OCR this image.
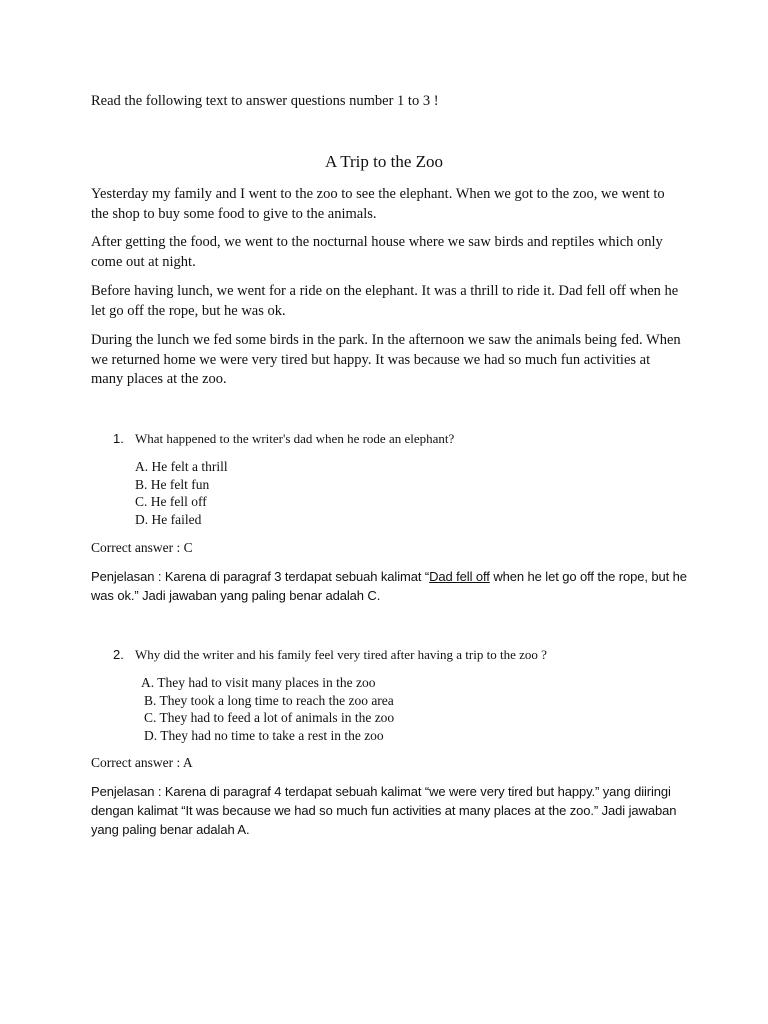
Read the following text to answer questions number 1 to 3 !

A Trip to the Zoo

Yesterday my family and I went to the zoo to see the elephant. When we got to the zoo, we went to the shop to buy some food to give to the animals.

After getting the food, we went to the nocturnal house where we saw birds and reptiles which only come out at night.

Before having lunch, we went for a ride on the elephant. It was a thrill to ride it. Dad fell off when he let go off the rope, but he was ok.

During the lunch we fed some birds in the park. In the afternoon we saw the animals being fed. When we returned home we were very tired but happy. It was because we had so much fun activities at many places at the zoo.

1. What happened to the writer's dad when he rode an elephant?

A. He felt a thrill
B. He felt fun
C. He fell off
D. He failed

Correct answer : C

Penjelasan : Karena di paragraf 3 terdapat sebuah kalimat “Dad fell off when he let go off the rope, but he was ok.” Jadi jawaban yang paling benar adalah C.

2. Why did the writer and his family feel very tired after having a trip to the zoo ?

A. They had to visit many places in the zoo
B. They took a long time to reach the zoo area
C. They had to feed a lot of animals in the zoo
D. They had no time to take a rest in the zoo

Correct answer : A

Penjelasan : Karena di paragraf 4 terdapat sebuah kalimat “we were very tired but happy.” yang diiringi dengan kalimat “It was because we had so much fun activities at many places at the zoo.” Jadi jawaban yang paling benar adalah A.
